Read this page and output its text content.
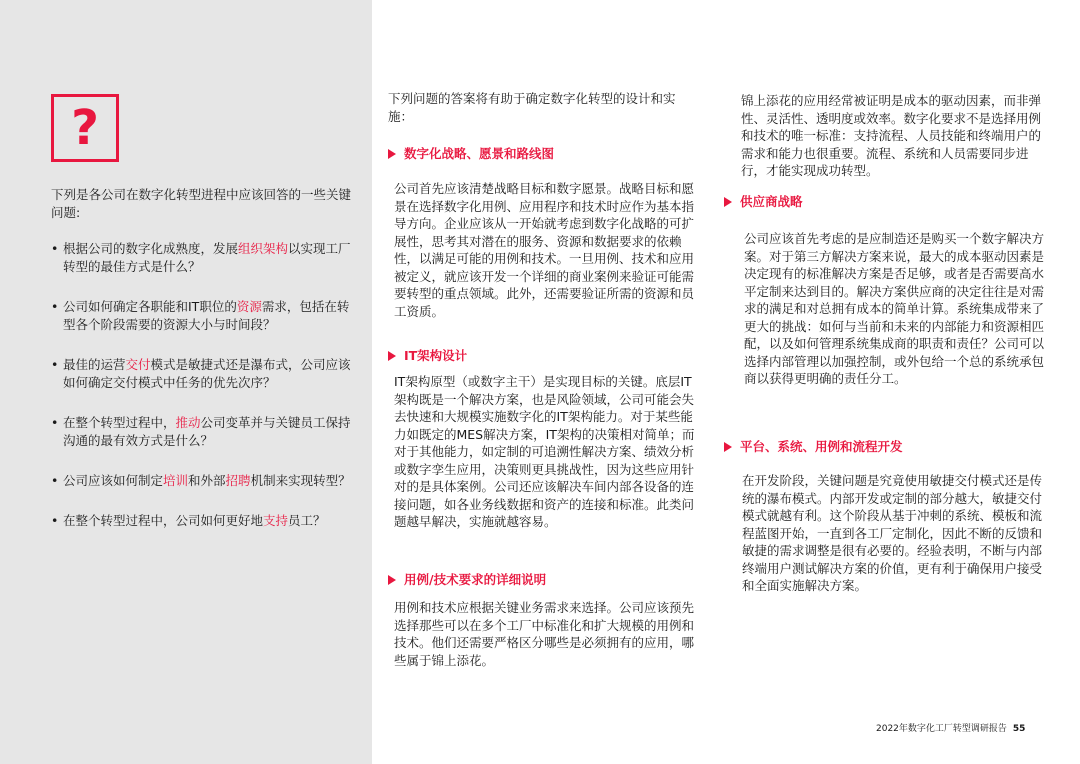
?
下列是各公司在数字化转型进程中应该回答的一些关键问题:
• 根据公司的数字化成熟度，发展组织架构以实现工厂转型的最佳方式是什么？
• 公司如何确定各职能和IT职位的资源需求，包括在转型各个阶段需要的资源大小与时间段？
• 最佳的运营交付模式是敏捷式还是瀑布式，公司应该如何确定交付模式中任务的优先次序？
• 在整个转型过程中，推动公司变革并与关键员工保持沟通的最有效方式是什么？
• 公司应该如何制定培训和外部招聘机制来实现转型？
• 在整个转型过程中，公司如何更好地支持员工？
下列问题的答案将有助于确定数字化转型的设计和实施：
数字化战略、愿景和路线图
公司首先应该清楚战略目标和数字愿景。战略目标和愿景在选择数字化用例、应用程序和技术时应作为基本指导方向。企业应该从一开始就考虑到数字化战略的可扩展性，思考其对潜在的服务、资源和数据要求的依赖性，以满足可能的用例和技术。一旦用例、技术和应用被定义，就应该开发一个详细的商业案例来验证可能需要转型的重点领域。此外，还需要验证所需的资源和员工资质。
IT架构设计
IT架构原型（或数字主干）是实现目标的关键。底层IT架构既是一个解决方案，也是风险领域，公司可能会失去快速和大规模实施数字化的IT架构能力。对于某些能力如既定的MES解决方案，IT架构的决策相对简单；而对于其他能力，如定制的可追溯性解决方案、绩效分析或数字孪生应用，决策则更具挑战性，因为这些应用针对的是具体案例。公司还应该解决车间内部各设备的连接问题，如各业务线数据和资产的连接和标准。此类问题越早解决，实施就越容易。
用例/技术要求的详细说明
用例和技术应根据关键业务需求来选择。公司应该预先选择那些可以在多个工厂中标准化和扩大规模的用例和技术。他们还需要严格区分哪些是必须拥有的应用，哪些属于锦上添花。
锦上添花的应用经常被证明是成本的驱动因素，而非弹性、灵活性、透明度或效率。数字化要求不是选择用例和技术的唯一标准：支持流程、人员技能和终端用户的需求和能力也很重要。流程、系统和人员需要同步进行，才能实现成功转型。
供应商战略
公司应该首先考虑的是应制造还是购买一个数字解决方案。对于第三方解决方案来说，最大的成本驱动因素是决定现有的标准解决方案是否足够，或者是否需要高水平定制来达到目的。解决方案供应商的决定往往是对需求的满足和对总拥有成本的简单计算。系统集成带来了更大的挑战：如何与当前和未来的内部能力和资源相匹配，以及如何管理系统集成商的职责和责任？公司可以选择内部管理以加强控制，或外包给一个总的系统承包商以获得更明确的责任分工。
平台、系统、用例和流程开发
在开发阶段，关键问题是究竟使用敏捷交付模式还是传统的瀑布模式。内部开发或定制的部分越大，敏捷交付模式就越有利。这个阶段从基于冲刺的系统、模板和流程蓝图开始，一直到各工厂定制化，因此不断的反馈和敏捷的需求调整是很有必要的。经验表明，不断与内部终端用户测试解决方案的价值，更有利于确保用户接受和全面实施解决方案。
2022年数字化工厂转型调研报告 55
